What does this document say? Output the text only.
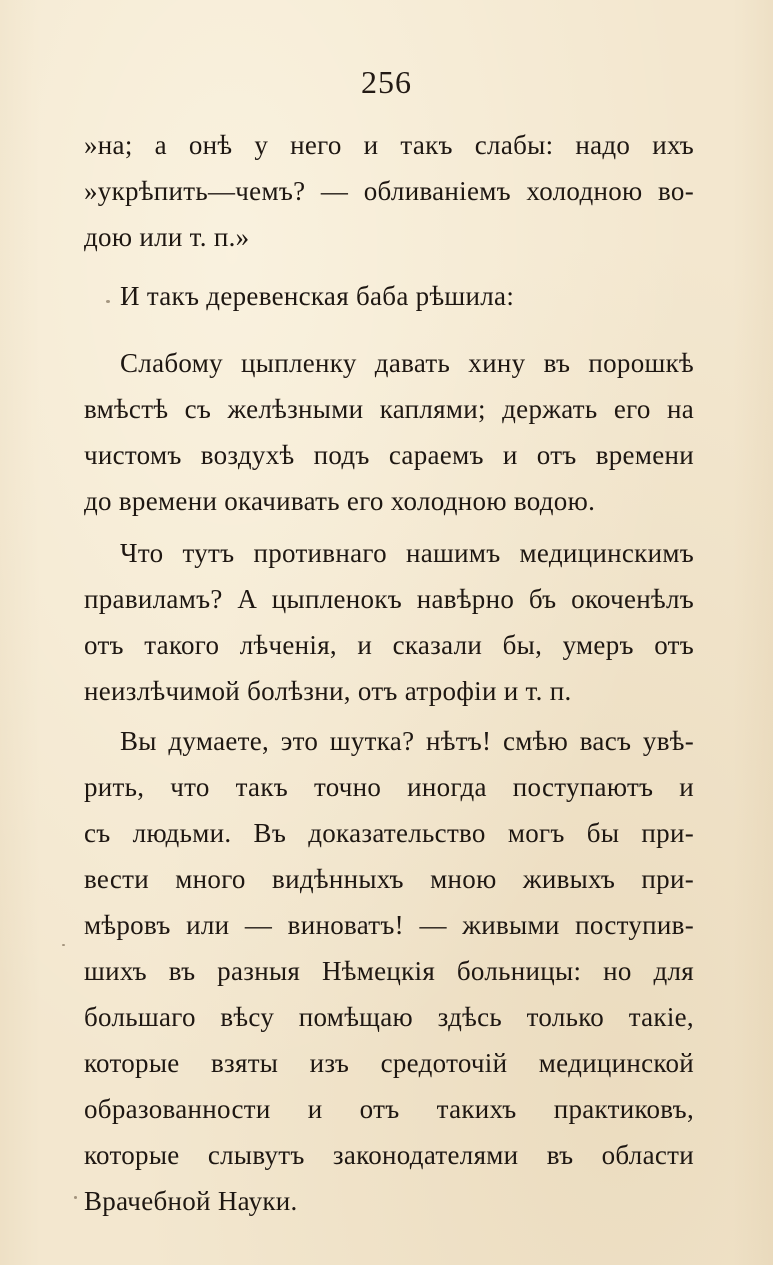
256
»на; а онѣ у него и такъ слабы: надо ихъ
»укрѣпить—чемъ? — обливаніемъ холодною во-
дою или т. п.»
И такъ деревенская баба рѣшила:
Слабому цыпленку давать хину въ порошкѣ
вмѣстѣ съ желѣзными каплями; держать его на
чистомъ воздухѣ подъ сараемъ и отъ времени
до времени окачивать его холодною водою.
Что тутъ противнаго нашимъ медицинскимъ
правиламъ? А цыпленокъ навѣрно бъ окоченѣлъ
отъ такого лѣченія, и сказали бы, умеръ отъ
неизлѣчимой болѣзни, отъ атрофіи и т. п.
Вы думаете, это шутка? нѣтъ! смѣю васъ увѣ-
рить, что такъ точно иногда поступаютъ и
съ людьми. Въ доказательство могъ бы при-
вести много видѣнныхъ мною живыхъ при-
мѣровъ или — виноватъ! — живыми поступив-
шихъ въ разныя Нѣмецкія больницы: но для
большаго вѣсу помѣщаю здѣсь только такіе,
которые взяты изъ средоточій медицинской
образованности и отъ такихъ практиковъ,
которые слывутъ законодателями въ области
Врачебной Науки.
